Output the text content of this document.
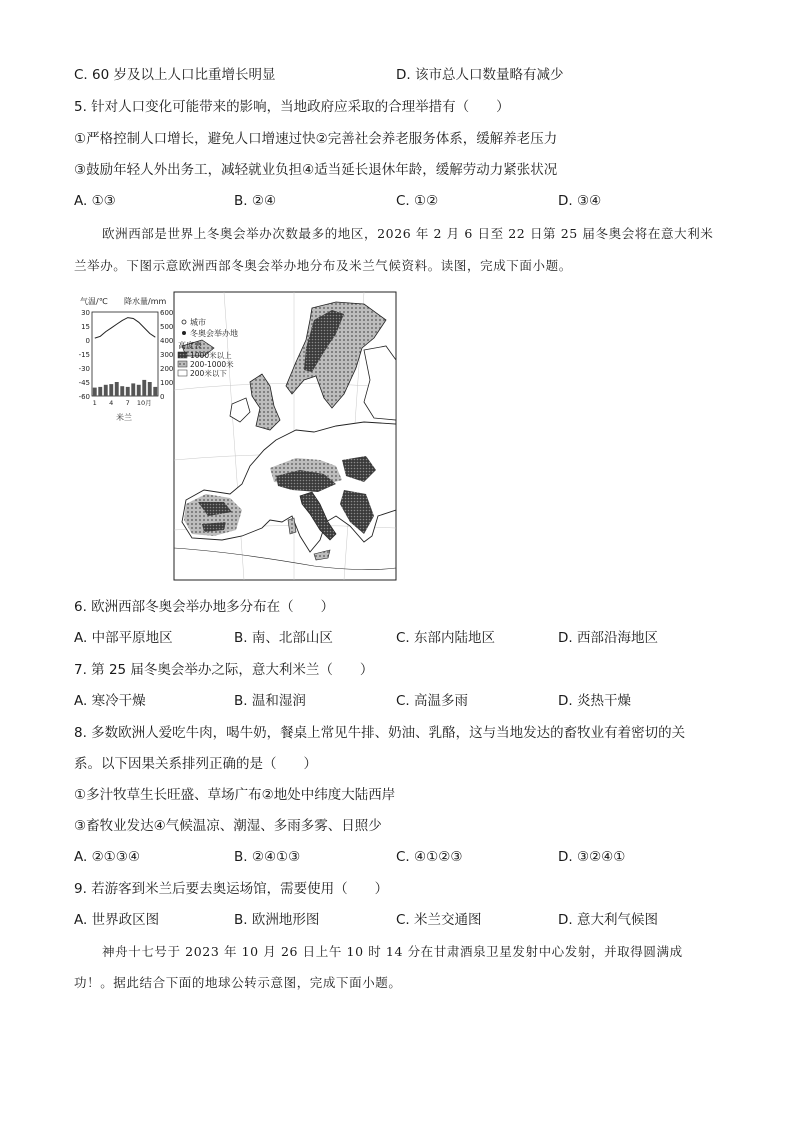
C. 60 岁及以上人口比重增长明显	D. 该市总人口数量略有减少
5. 针对人口变化可能带来的影响，当地政府应采取的合理举措有（　　）
①严格控制人口增长，避免人口增速过快②完善社会养老服务体系，缓解养老压力
③鼓励年轻人外出务工，减轻就业负担④适当延长退休年龄，缓解劳动力紧张状况
A. ①③	B. ②④	C. ①②	D. ③④
欧洲西部是世界上冬奥会举办次数最多的地区，2026 年 2 月 6 日至 22 日第 25 届冬奥会将在意大利米
兰举办。下图示意欧洲西部冬奥会举办地分布及米兰气候资料。读图，完成下面小题。
气温/℃ 降水量/mm
30
15
0
-15
-30
-45
-60
600
500
400
300
200
100
0
1 4 7 10月
米兰
城市
冬奥会举办地
高度表
1000米以上
200-1000米
200米以下
6. 欧洲西部冬奥会举办地多分布在（　　）
A. 中部平原地区	B. 南、北部山区	C. 东部内陆地区	D. 西部沿海地区
7. 第 25 届冬奥会举办之际，意大利米兰（　　）
A. 寒冷干燥	B. 温和湿润	C. 高温多雨	D. 炎热干燥
8. 多数欧洲人爱吃牛肉，喝牛奶，餐桌上常见牛排、奶油、乳酪，这与当地发达的畜牧业有着密切的关
系。以下因果关系排列正确的是（　　）
①多汁牧草生长旺盛、草场广布②地处中纬度大陆西岸
③畜牧业发达④气候温凉、潮湿、多雨多雾、日照少
A. ②①③④	B. ②④①③	C. ④①②③	D. ③②④①
9. 若游客到米兰后要去奥运场馆，需要使用（　　）
A. 世界政区图	B. 欧洲地形图	C. 米兰交通图	D. 意大利气候图
神舟十七号于 2023 年 10 月 26 日上午 10 时 14 分在甘肃酒泉卫星发射中心发射，并取得圆满成
功！。据此结合下面的地球公转示意图，完成下面小题。
